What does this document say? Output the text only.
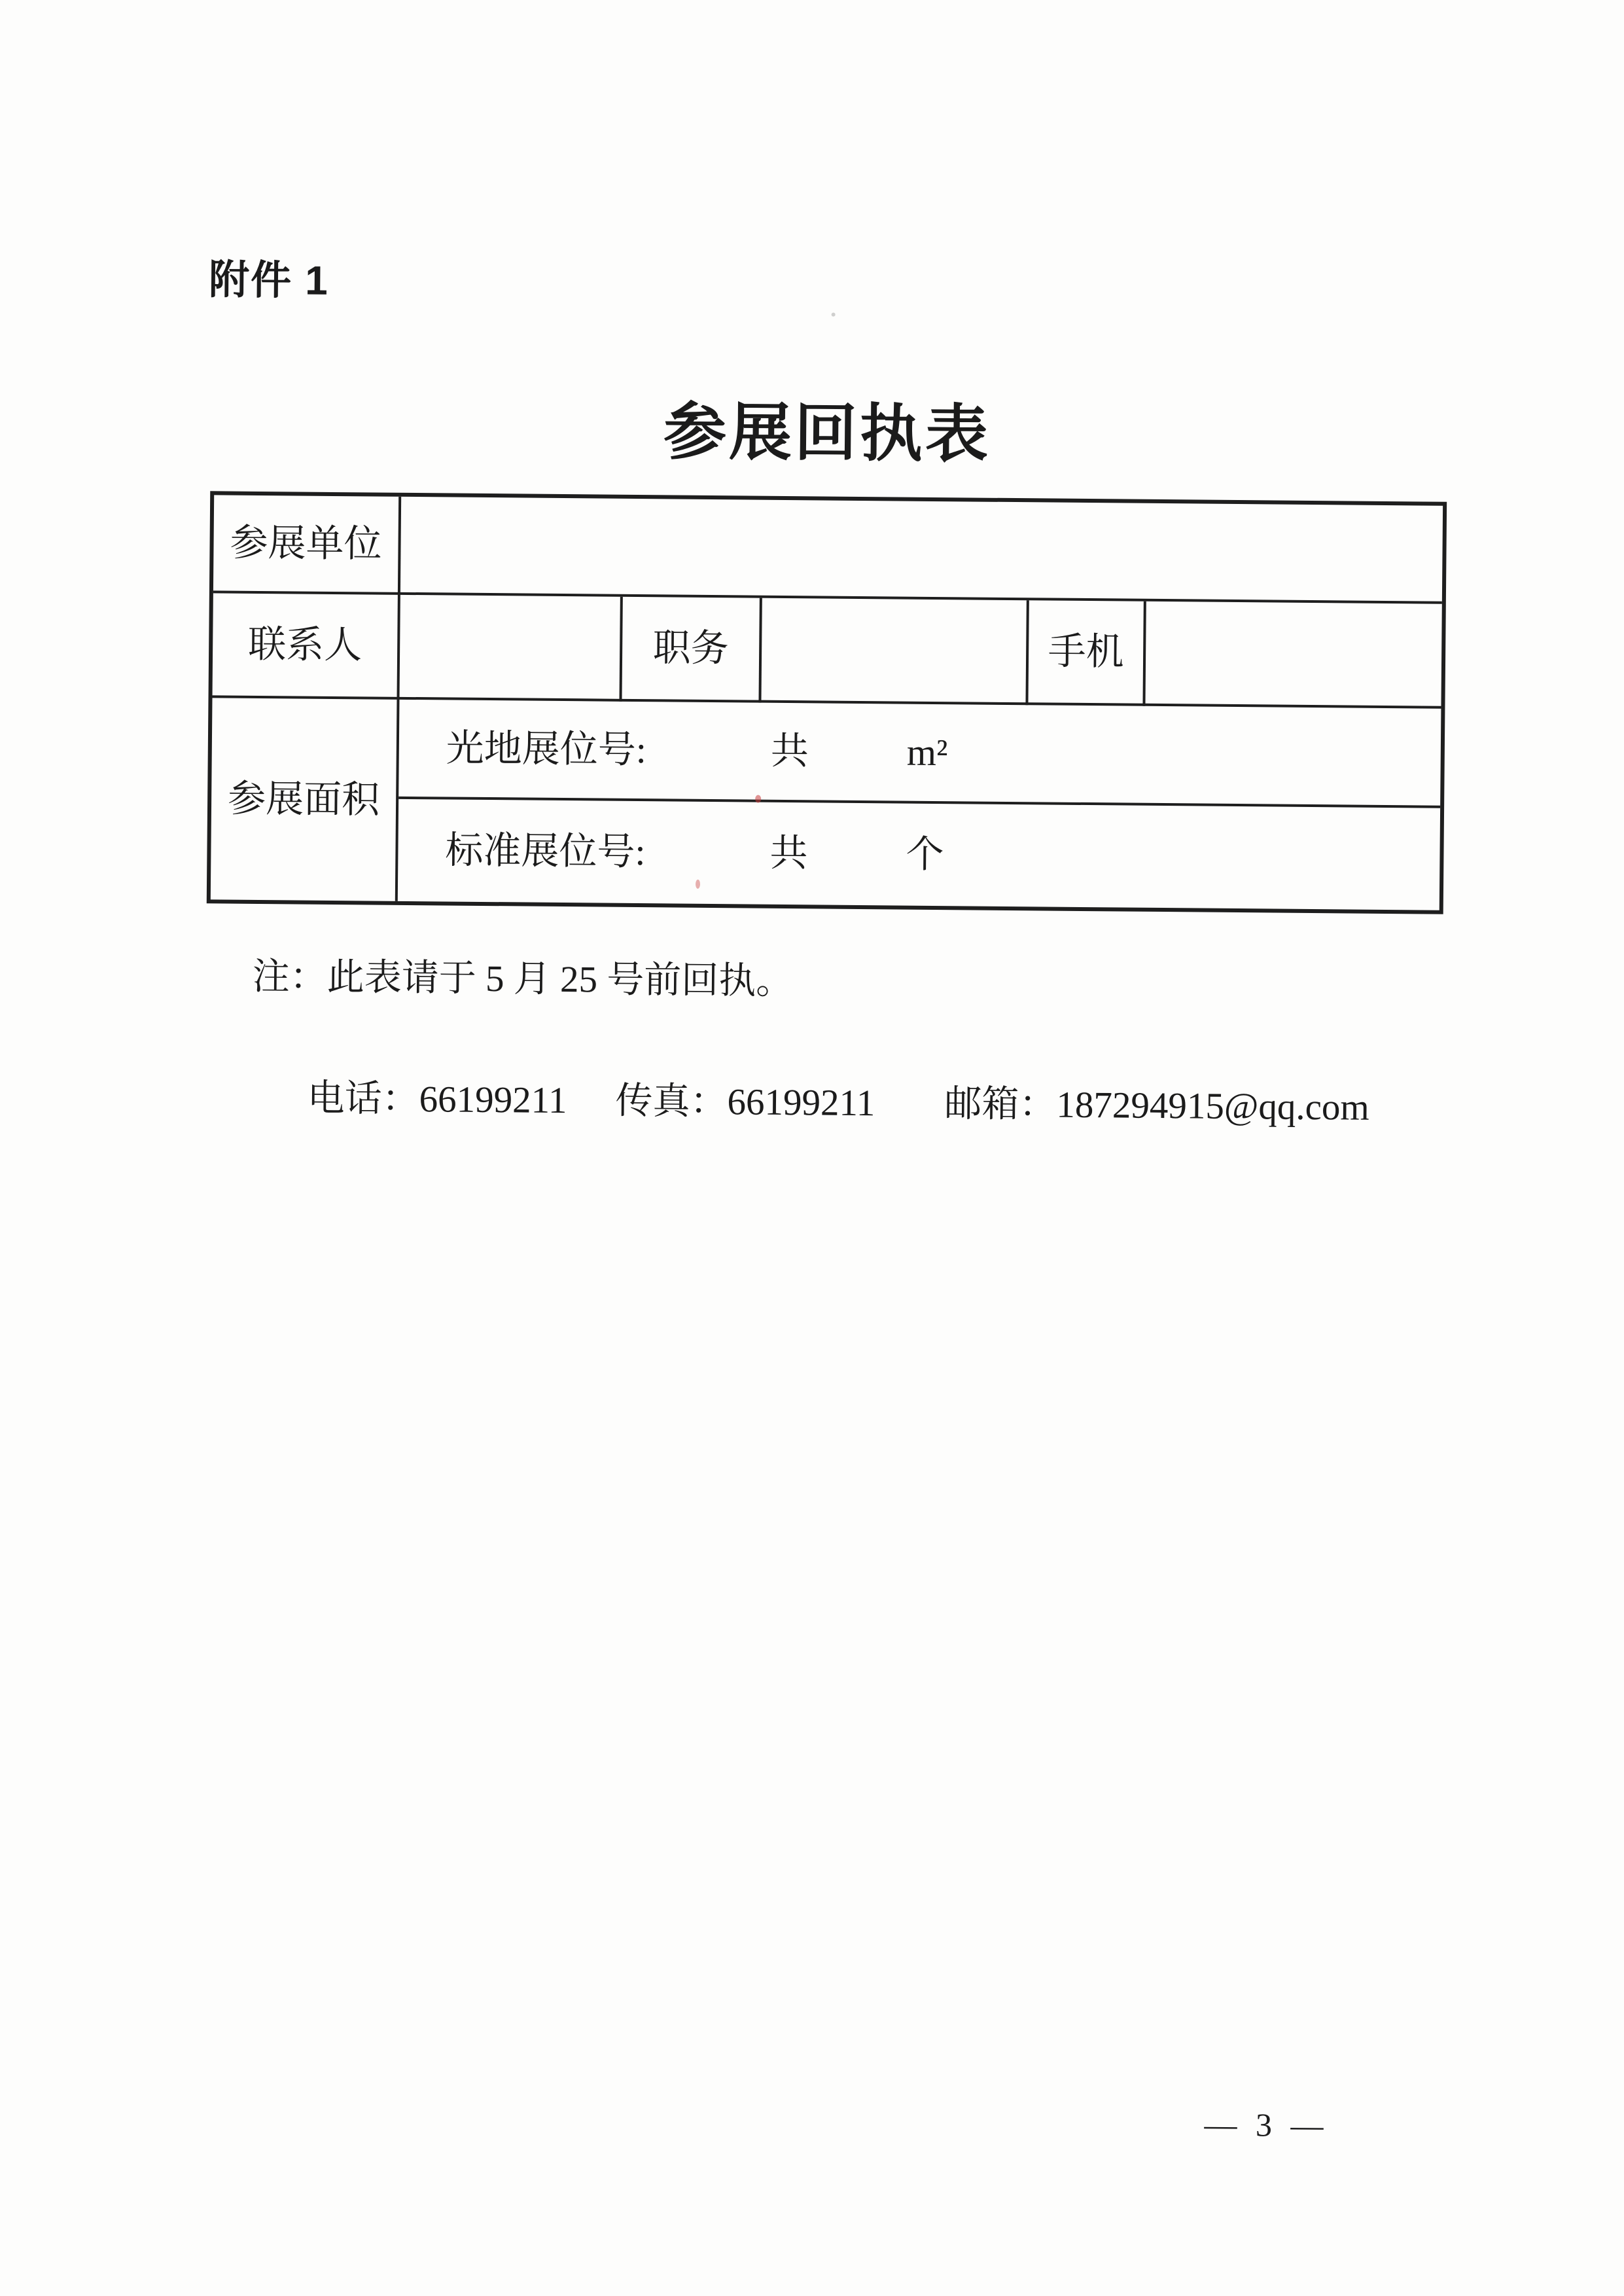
附件 1
参展回执表
参展单位
联系人	职务	手机
参展面积
光地展位号:	共	m²
标准展位号:	共	个
注：此表请于 5 月 25 号前回执。

电话：66199211 传真：66199211 邮箱：187294915@qq.com

— 3 —
